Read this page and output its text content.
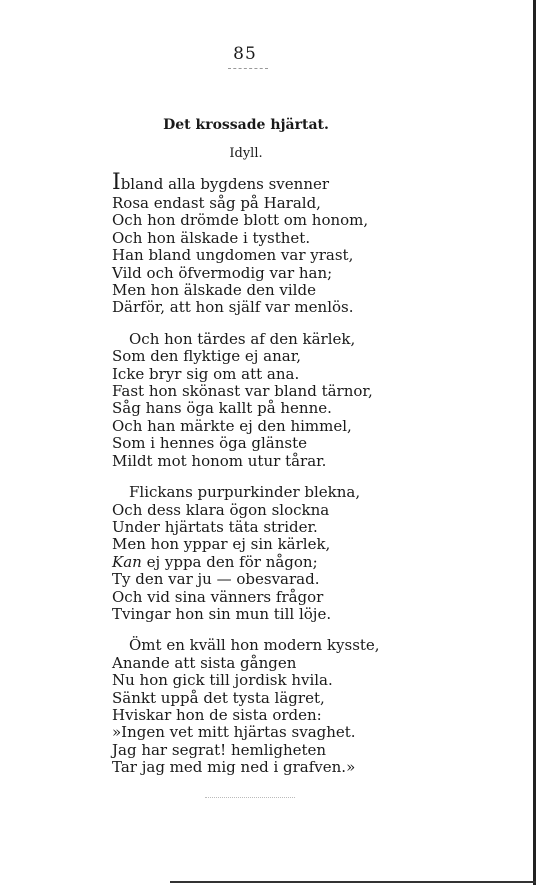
85
Det krossade hjärtat.
Idyll.
Ibland alla bygdens svenner
Rosa endast såg på Harald,
Och hon drömde blott om honom,
Och hon älskade i tysthet.
Han bland ungdomen var yrast,
Vild och öfvermodig var han;
Men hon älskade den vilde
Därför, att hon själf var menlös.
Och hon tärdes af den kärlek,
Som den flyktige ej anar,
Icke bryr sig om att ana.
Fast hon skönast var bland tärnor,
Såg hans öga kallt på henne.
Och han märkte ej den himmel,
Som i hennes öga glänste
Mildt mot honom utur tårar.
Flickans purpurkinder blekna,
Och dess klara ögon slockna
Under hjärtats täta strider.
Men hon yppar ej sin kärlek,
Kan ej yppa den för någon;
Ty den var ju — obesvarad.
Och vid sina vänners frågor
Tvingar hon sin mun till löje.
Ömt en kväll hon modern kysste,
Anande att sista gången
Nu hon gick till jordisk hvila.
Sänkt uppå det tysta lägret,
Hviskar hon de sista orden:
»Ingen vet mitt hjärtas svaghet.
Jag har segrat! hemligheten
Tar jag med mig ned i grafven.»
